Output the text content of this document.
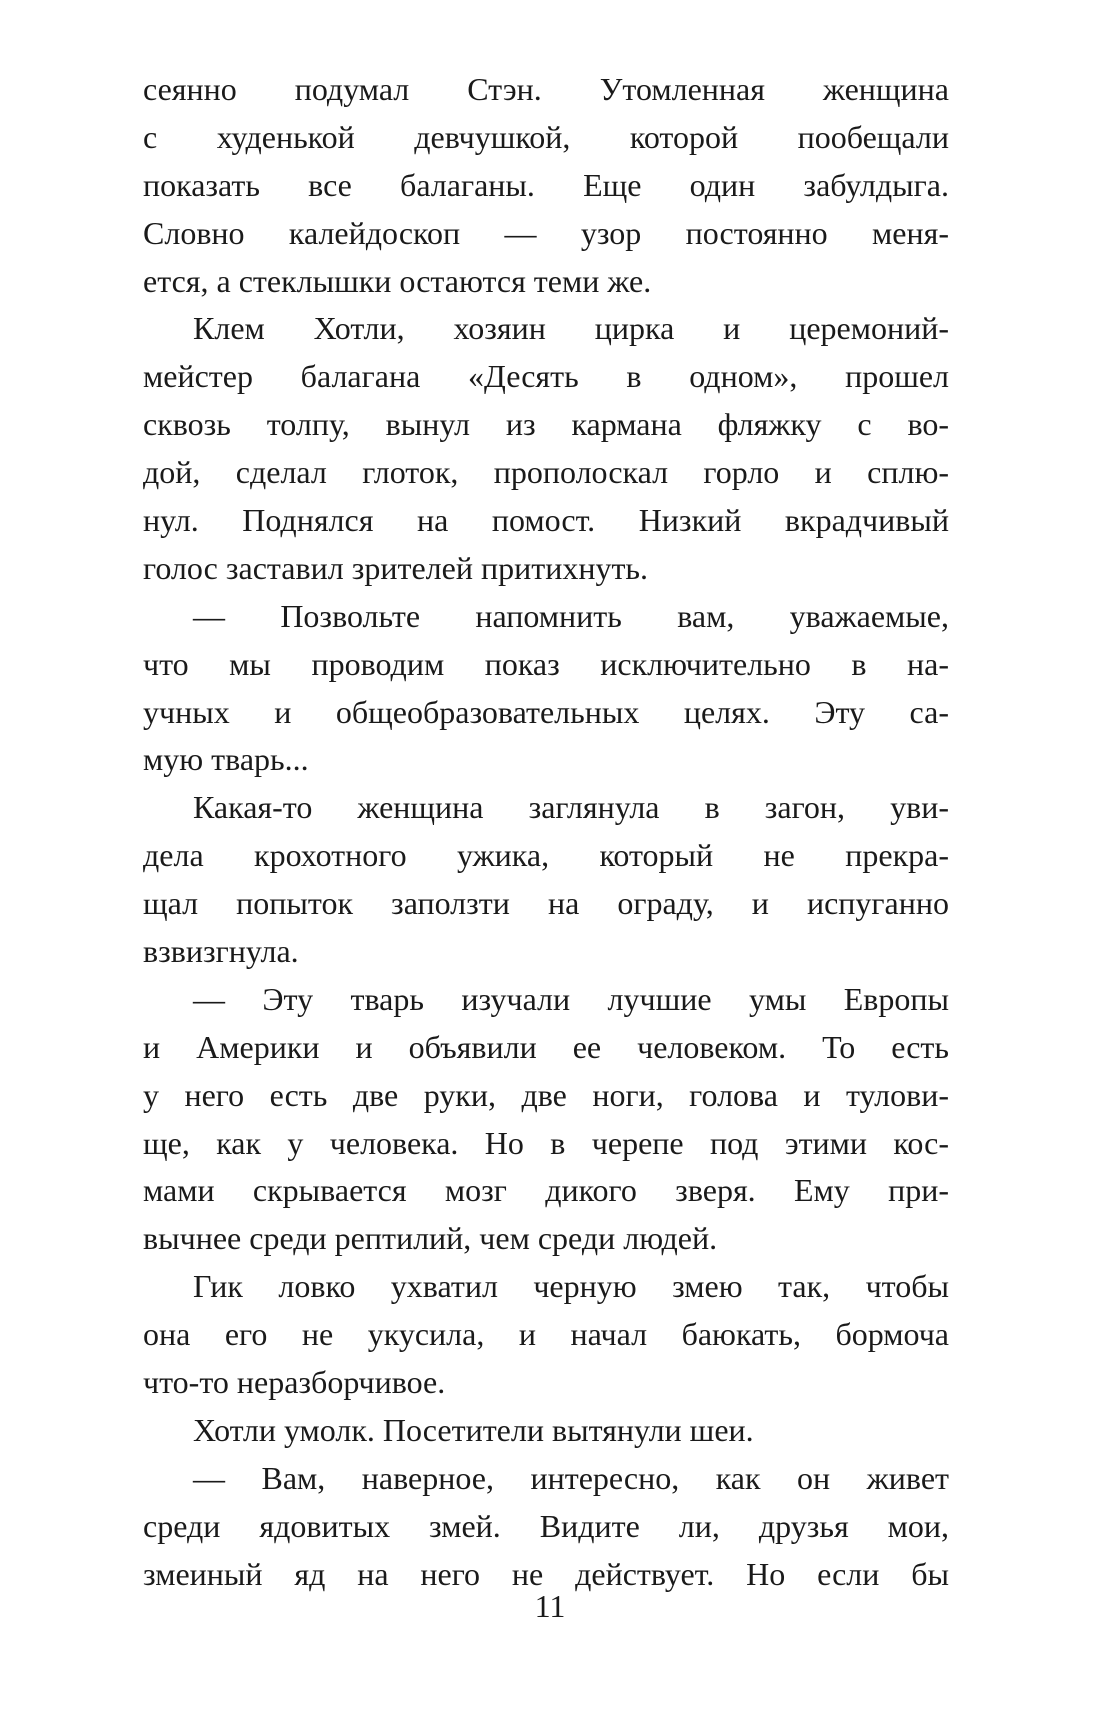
сеянно подумал Стэн. Утомленная женщина
с худенькой девчушкой, которой пообещали
показать все балаганы. Еще один забулдыга.
Словно калейдоскоп — узор постоянно меня-
ется, а стеклышки остаются теми же.
Клем Хотли, хозяин цирка и церемоний-
мейстер балагана «Десять в одном», прошел
сквозь толпу, вынул из кармана фляжку с во-
дой, сделал глоток, прополоскал горло и сплю-
нул. Поднялся на помост. Низкий вкрадчивый
голос заставил зрителей притихнуть.
— Позвольте напомнить вам, уважаемые,
что мы проводим показ исключительно в на-
учных и общеобразовательных целях. Эту са-
мую тварь...
Какая-то женщина заглянула в загон, уви-
дела крохотного ужика, который не прекра-
щал попыток заползти на ограду, и испуганно
взвизгнула.
— Эту тварь изучали лучшие умы Европы
и Америки и объявили ее человеком. То есть
у него есть две руки, две ноги, голова и тулови-
ще, как у человека. Но в черепе под этими кос-
мами скрывается мозг дикого зверя. Ему при-
вычнее среди рептилий, чем среди людей.
Гик ловко ухватил черную змею так, чтобы
она его не укусила, и начал баюкать, бормоча
что-то неразборчивое.
Хотли умолк. Посетители вытянули шеи.
— Вам, наверное, интересно, как он живет
среди ядовитых змей. Видите ли, друзья мои,
змеиный яд на него не действует. Но если бы
11
